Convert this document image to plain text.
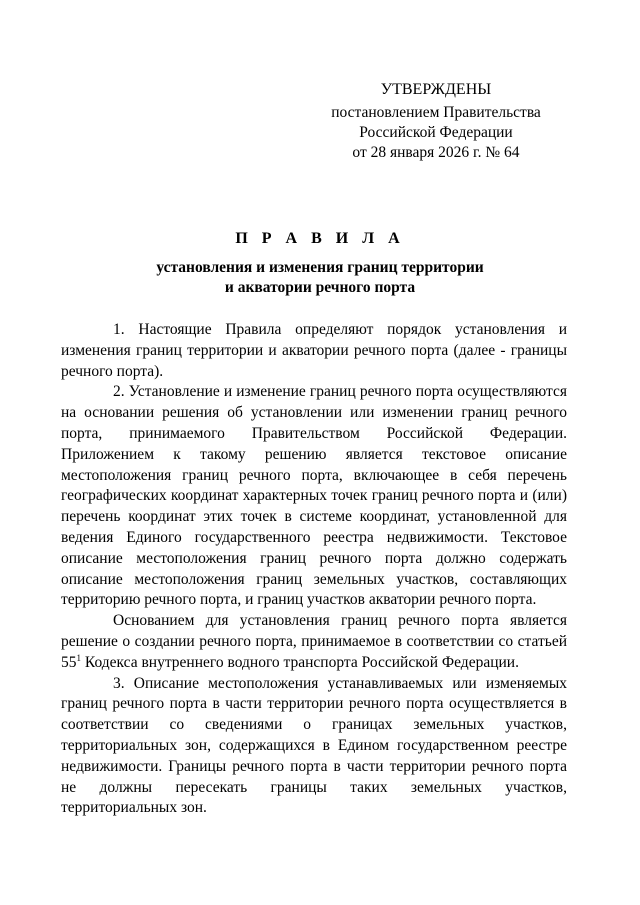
УТВЕРЖДЕНЫ
постановлением Правительства
Российской Федерации
от 28 января 2026 г. № 64
П Р А В И Л А
установления и изменения границ территории
и акватории речного порта

1. Настоящие Правила определяют порядок установления и изменения границ территории и акватории речного порта (далее - границы речного порта).

2. Установление и изменение границ речного порта осуществляются на основании решения об установлении или изменении границ речного порта, принимаемого Правительством Российской Федерации. Приложением к такому решению является текстовое описание местоположения границ речного порта, включающее в себя перечень географических координат характерных точек границ речного порта и (или) перечень координат этих точек в системе координат, установленной для ведения Единого государственного реестра недвижимости. Текстовое описание местоположения границ речного порта должно содержать описание местоположения границ земельных участков, составляющих территорию речного порта, и границ участков акватории речного порта.

Основанием для установления границ речного порта является решение о создании речного порта, принимаемое в соответствии со статьей $55^1$ Кодекса внутреннего водного транспорта Российской Федерации.

3. Описание местоположения устанавливаемых или изменяемых границ речного порта в части территории речного порта осуществляется в соответствии со сведениями о границах земельных участков, территориальных зон, содержащихся в Едином государственном реестре недвижимости. Границы речного порта в части территории речного порта не должны пересекать границы таких земельных участков, территориальных зон.
